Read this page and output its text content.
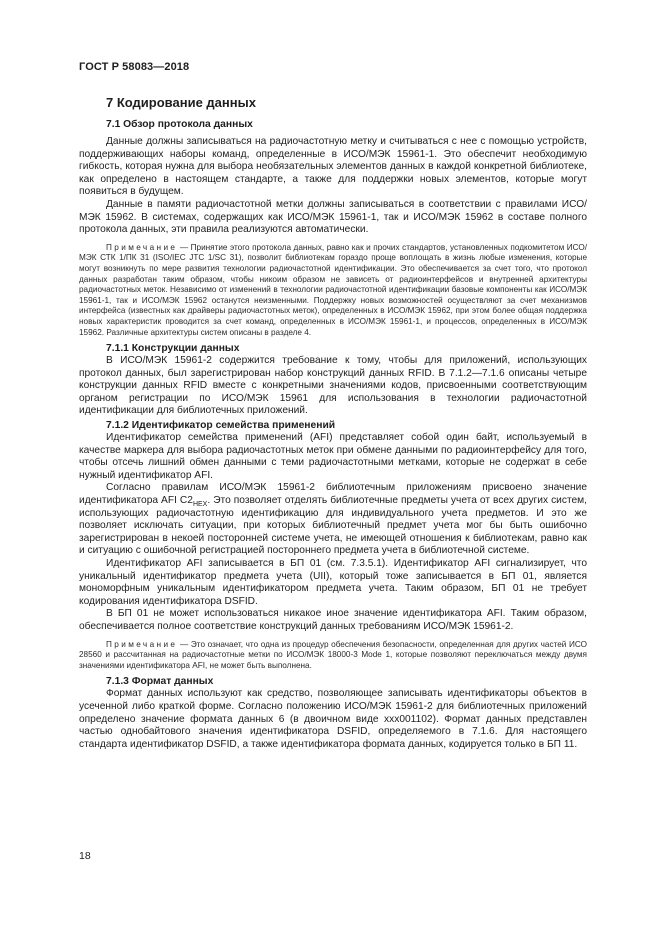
ГОСТ Р 58083—2018
7 Кодирование данных
7.1 Обзор протокола данных

Данные должны записываться на радиочастотную метку и считываться с нее с помощью устройств, поддерживающих наборы команд, определенные в ИСО/МЭК 15961-1. Это обеспечит необходимую гибкость, которая нужна для выбора необязательных элементов данных в каждой конкретной библиотеке, как определено в настоящем стандарте, а также для поддержки новых элементов, которые могут появиться в будущем.

Данные в памяти радиочастотной метки должны записываться в соответствии с правилами ИСО/МЭК 15962. В системах, содержащих как ИСО/МЭК 15961-1, так и ИСО/МЭК 15962 в составе полного протокола данных, эти правила реализуются автоматически.

Примечание — Принятие этого протокола данных, равно как и прочих стандартов, установленных подкомитетом ИСО/МЭК СТК 1/ПК 31 (ISO/IEC JTC 1/SC 31), позволит библиотекам гораздо проще воплощать в жизнь любые изменения, которые могут возникнуть по мере развития технологии радиочастотной идентификации. Это обеспечивается за счет того, что протокол данных разработан таким образом, чтобы никоим образом не зависеть от радиоинтерфейсов и внутренней архитектуры радиочастотных меток. Независимо от изменений в технологии радиочастотной идентификации базовые компоненты как ИСО/МЭК 15961-1, так и ИСО/МЭК 15962 останутся неизменными. Поддержку новых возможностей осуществляют за счет механизмов интерфейса (известных как драйверы радиочастотных меток), определенных в ИСО/МЭК 15962, при этом более общая поддержка новых характеристик проводится за счет команд, определенных в ИСО/МЭК 15961-1, и процессов, определенных в ИСО/МЭК 15962. Различные архитектуры систем описаны в разделе 4.

7.1.1 Конструкции данных

В ИСО/МЭК 15961-2 содержится требование к тому, чтобы для приложений, использующих протокол данных, был зарегистрирован набор конструкций данных RFID. В 7.1.2—7.1.6 описаны четыре конструкции данных RFID вместе с конкретными значениями кодов, присвоенными соответствующим органом регистрации по ИСО/МЭК 15961 для использования в технологии радиочастотной идентификации для библиотечных приложений.

7.1.2 Идентификатор семейства применений

Идентификатор семейства применений (AFI) представляет собой один байт, используемый в качестве маркера для выбора радиочастотных меток при обмене данными по радиоинтерфейсу для того, чтобы отсечь лишний обмен данными с теми радиочастотными метками, которые не содержат в себе нужный идентификатор AFI.

Согласно правилам ИСО/МЭК 15961-2 библиотечным приложениям присвоено значение идентификатора AFI $C2_{HEX}$. Это позволяет отделять библиотечные предметы учета от всех других систем, использующих радиочастотную идентификацию для индивидуального учета предметов. И это же позволяет исключать ситуации, при которых библиотечный предмет учета мог бы быть ошибочно зарегистрирован в некоей посторонней системе учета, не имеющей отношения к библиотекам, равно как и ситуацию с ошибочной регистрацией постороннего предмета учета в библиотечной системе.

Идентификатор AFI записывается в БП 01 (см. 7.3.5.1). Идентификатор AFI сигнализирует, что уникальный идентификатор предмета учета (UII), который тоже записывается в БП 01, является мономорфным уникальным идентификатором предмета учета. Таким образом, БП 01 не требует кодирования идентификатора DSFID.

В БП 01 не может использоваться никакое иное значение идентификатора AFI. Таким образом, обеспечивается полное соответствие конструкций данных требованиям ИСО/МЭК 15961-2.

Примечание — Это означает, что одна из процедур обеспечения безопасности, определенная для других частей ИСО 28560 и рассчитанная на радиочастотные метки по ИСО/МЭК 18000-3 Mode 1, которые позволяют переключаться между двумя значениями идентификатора AFI, не может быть выполнена.

7.1.3 Формат данных

Формат данных используют как средство, позволяющее записывать идентификаторы объектов в усеченной либо краткой форме. Согласно положению ИСО/МЭК 15961-2 для библиотечных приложений определено значение формата данных 6 (в двоичном виде ххх001102). Формат данных представлен частью однобайтового значения идентификатора DSFID, определяемого в 7.1.6. Для настоящего стандарта идентификатор DSFID, а также идентификатора формата данных, кодируется только в БП 11.

18
